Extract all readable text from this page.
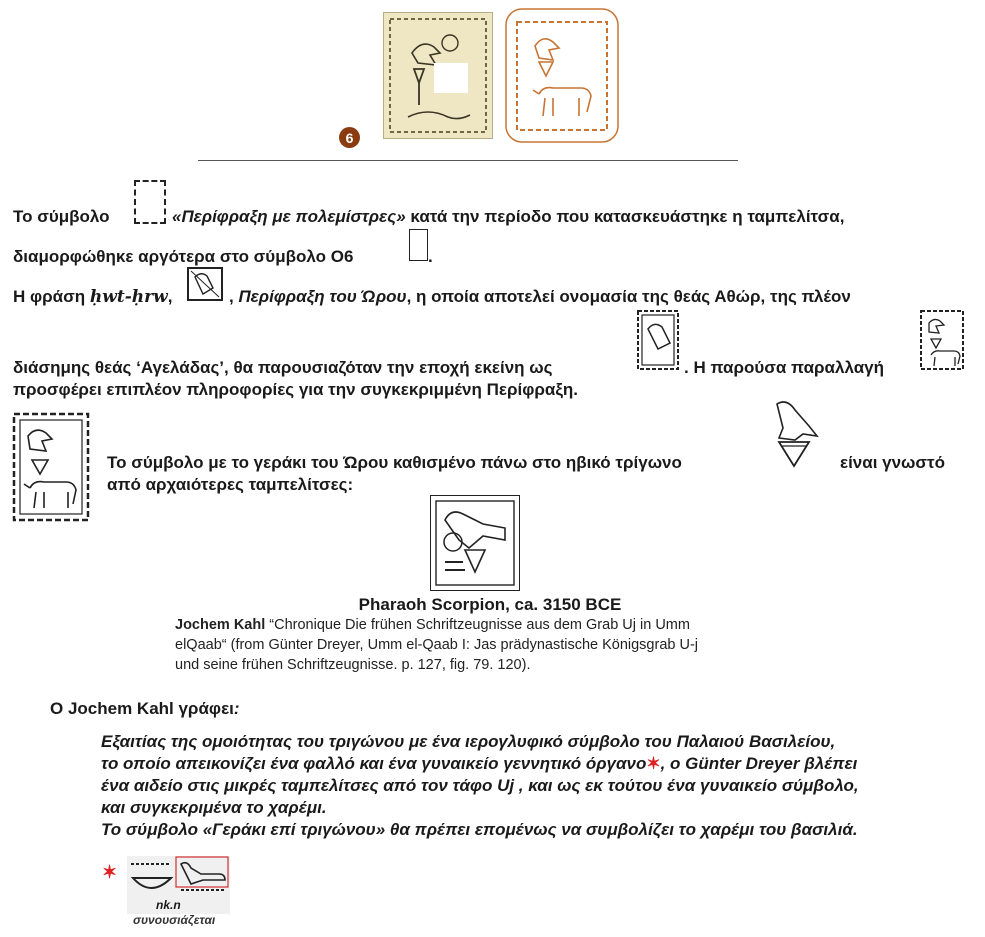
6
Το σύμβολο	«Περίφραξη με πολεμίστρες» κατά την περίοδο που κατασκευάστηκε η ταμπελίτσα,
διαμορφώθηκε αργότερα στο σύμβολο O6	.
Η φράση ḥwt-ḥrw,	, Περίφραξη του Ώρου, η οποία αποτελεί ονομασία της θεάς Αθώρ, της πλέον
διάσημης θεάς ‘Αγελάδας’, θα παρουσιαζόταν την εποχή εκείνη ως	. Η παρούσα παραλλαγή
προσφέρει επιπλέον πληροφορίες για την συγκεκριμμένη Περίφραξη.
Το σύμβολο με το γεράκι του Ώρου καθισμένο πάνω στο ηβικό τρίγωνο	είναι γνωστό
από αρχαιότερες ταμπελίτσες:
Pharaoh Scorpion, ca. 3150 BCE
Jochem Kahl “Chronique Die frühen Schriftzeugnisse aus dem Grab Uj in Umm
elQaab“ (from Günter Dreyer, Umm el-Qaab I: Jas prädynastische Königsgrab U-j
und seine frühen Schriftzeugnisse. p. 127, fig. 79. 120).
Ο Jochem Kahl γράφει:
Εξαιτίας της ομοιότητας του τριγώνου με ένα ιερογλυφικό σύμβολο του Παλαιού Βασιλείου,
το οποίο απεικονίζει ένα φαλλό και ένα γυναικείο γεννητικό όργανο✶, ο Günter Dreyer βλέπει
ένα αιδείο στις μικρές ταμπελίτσες από τον τάφο Uj , και ως εκ τούτου ένα γυναικείο σύμβολο,
και συγκεκριμένα το χαρέμι.
Το σύμβολο «Γεράκι επί τριγώνου» θα πρέπει επομένως να συμβολίζει το χαρέμι του βασιλιά.
✶
nk.n
συνουσιάζεται
